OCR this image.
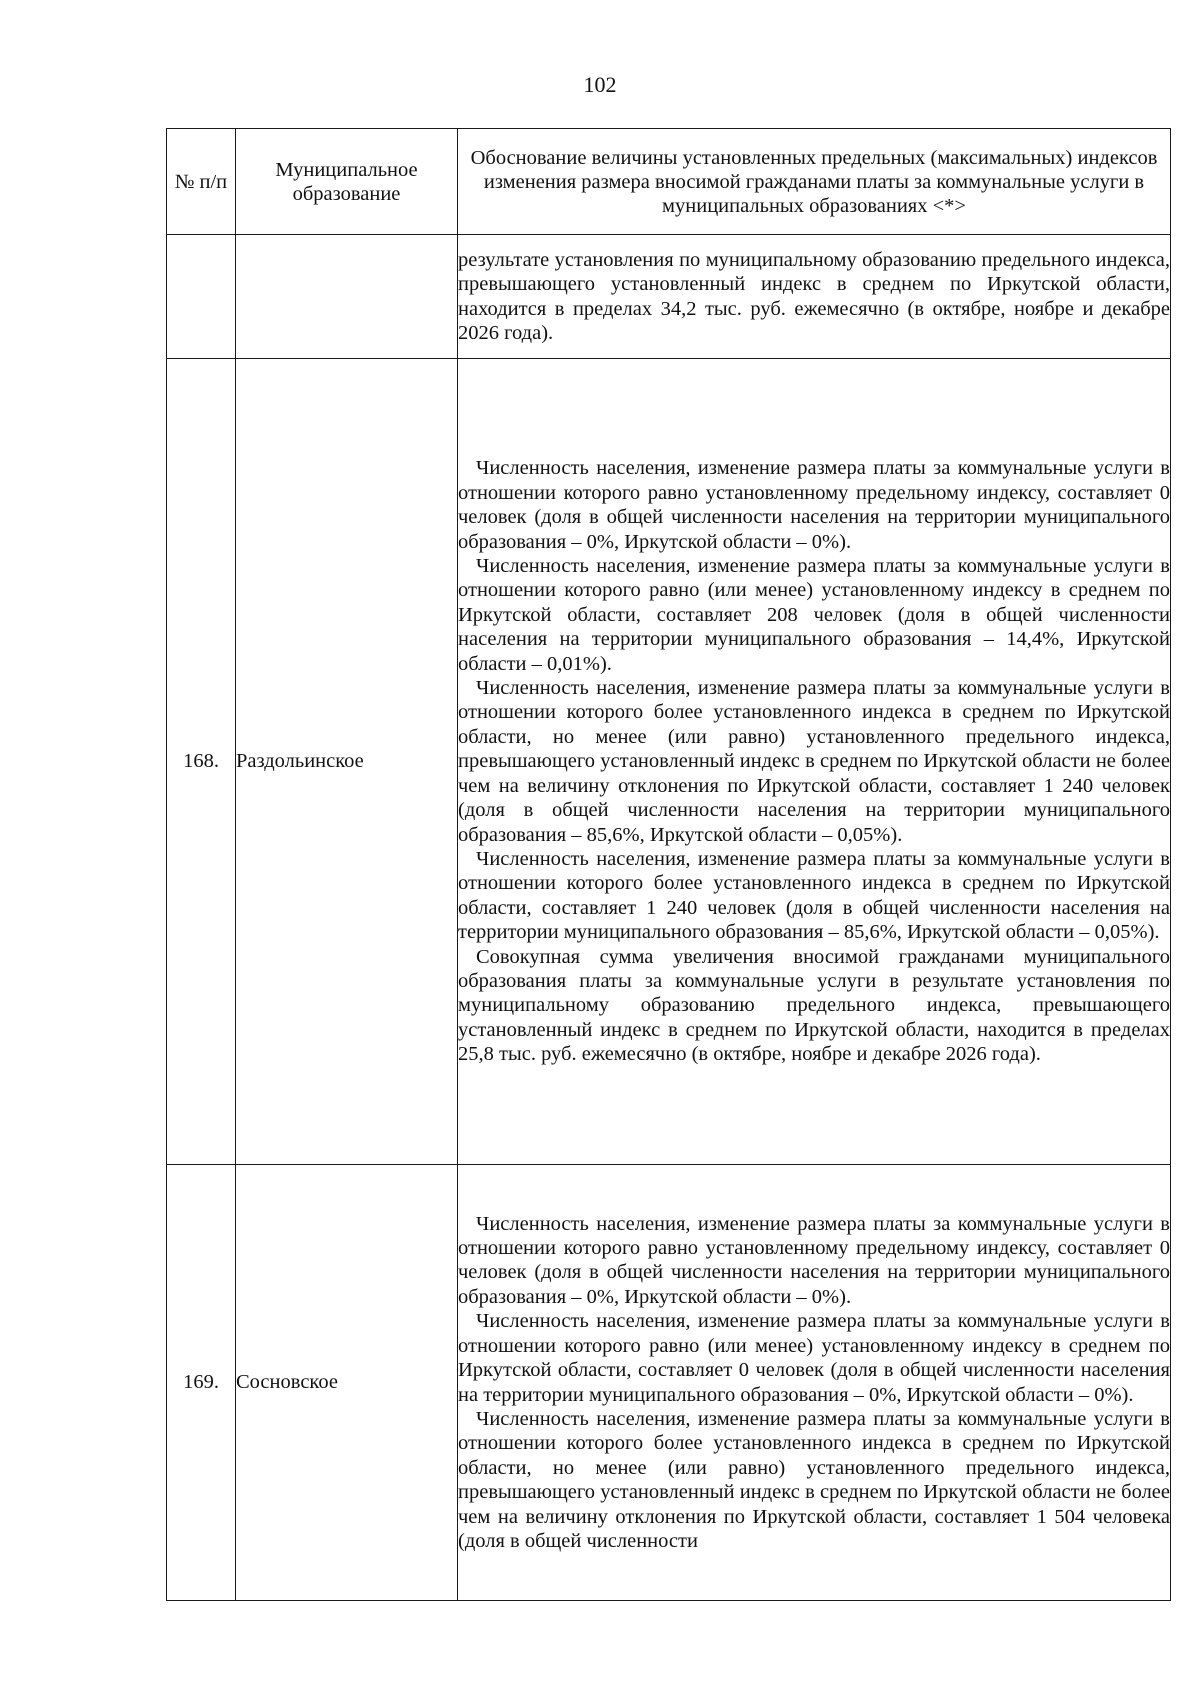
102
№ п/п	Муниципальное образование	Обоснование величины установленных предельных (максимальных) индексов изменения размера вносимой гражданами платы за коммунальные услуги в муниципальных образованиях <*>

		результате установления по муниципальному образованию предельного индекса, превышающего установленный индекс в среднем по Иркутской области, находится в пределах 34,2 тыс. руб. ежемесячно (в октябре, ноябре и декабре 2026 года).

168.	Раздольинское	Численность населения, изменение размера платы за коммунальные услуги в отношении которого равно установленному предельному индексу, составляет 0 человек (доля в общей численности населения на территории муниципального образования – 0%, Иркутской области – 0%).

Численность населения, изменение размера платы за коммунальные услуги в отношении которого равно (или менее) установленному индексу в среднем по Иркутской области, составляет 208 человек (доля в общей численности населения на территории муниципального образования – 14,4%, Иркутской области – 0,01%).

Численность населения, изменение размера платы за коммунальные услуги в отношении которого более установленного индекса в среднем по Иркутской области, но менее (или равно) установленного предельного индекса, превышающего установленный индекс в среднем по Иркутской области не более чем на величину отклонения по Иркутской области, составляет 1 240 человек (доля в общей численности населения на территории муниципального образования – 85,6%, Иркутской области – 0,05%).

Численность населения, изменение размера платы за коммунальные услуги в отношении которого более установленного индекса в среднем по Иркутской области, составляет 1 240 человек (доля в общей численности населения на территории муниципального образования – 85,6%, Иркутской области – 0,05%).

Совокупная сумма увеличения вносимой гражданами муниципального образования платы за коммунальные услуги в результате установления по муниципальному образованию предельного индекса, превышающего установленный индекс в среднем по Иркутской области, находится в пределах 25,8 тыс. руб. ежемесячно (в октябре, ноябре и декабре 2026 года).

169.	Сосновское	Численность населения, изменение размера платы за коммунальные услуги в отношении которого равно установленному предельному индексу, составляет 0 человек (доля в общей численности населения на территории муниципального образования – 0%, Иркутской области – 0%).

Численность населения, изменение размера платы за коммунальные услуги в отношении которого равно (или менее) установленному индексу в среднем по Иркутской области, составляет 0 человек (доля в общей численности населения на территории муниципального образования – 0%, Иркутской области – 0%).

Численность населения, изменение размера платы за коммунальные услуги в отношении которого более установленного индекса в среднем по Иркутской области, но менее (или равно) установленного предельного индекса, превышающего установленный индекс в среднем по Иркутской области не более чем на величину отклонения по Иркутской области, составляет 1 504 человека (доля в общей численности
